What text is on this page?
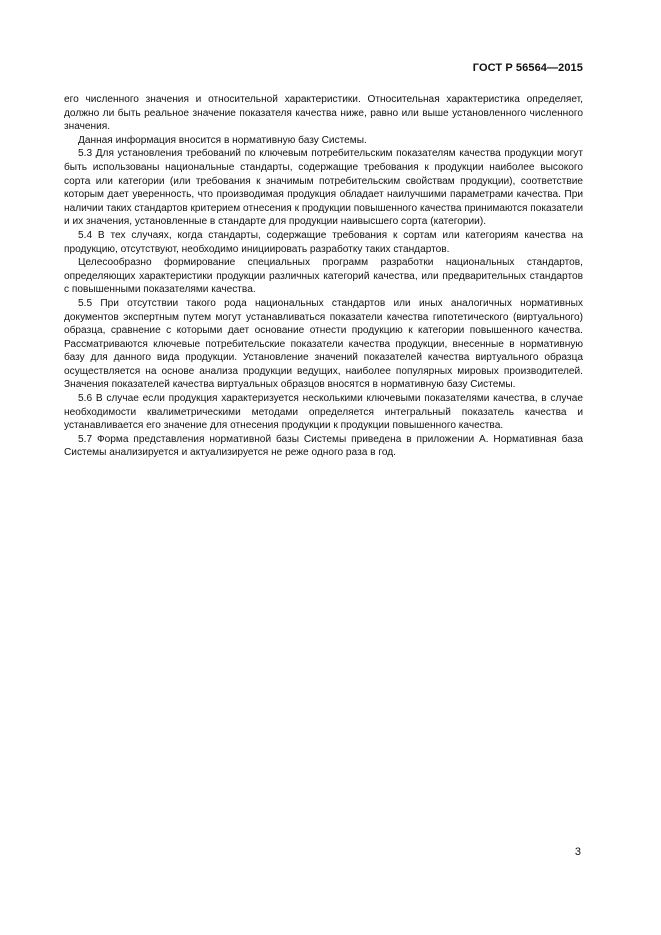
ГОСТ Р 56564—2015

его численного значения и относительной характеристики. Относительная характеристика определяет, должно ли быть реальное значение показателя качества ниже, равно или выше установленного численного значения.

Данная информация вносится в нормативную базу Системы.

5.3 Для установления требований по ключевым потребительским показателям качества продукции могут быть использованы национальные стандарты, содержащие требования к продукции наиболее высокого сорта или категории (или требования к значимым потребительским свойствам продукции), соответствие которым дает уверенность, что производимая продукция обладает наилучшими параметрами качества. При наличии таких стандартов критерием отнесения к продукции повышенного качества принимаются показатели и их значения, установленные в стандарте для продукции наивысшего сорта (категории).

5.4 В тех случаях, когда стандарты, содержащие требования к сортам или категориям качества на продукцию, отсутствуют, необходимо инициировать разработку таких стандартов.

Целесообразно формирование специальных программ разработки национальных стандартов, определяющих характеристики продукции различных категорий качества, или предварительных стандартов с повышенными показателями качества.

5.5 При отсутствии такого рода национальных стандартов или иных аналогичных нормативных документов экспертным путем могут устанавливаться показатели качества гипотетического (виртуального) образца, сравнение с которыми дает основание отнести продукцию к категории повышенного качества. Рассматриваются ключевые потребительские показатели качества продукции, внесенные в нормативную базу для данного вида продукции. Установление значений показателей качества виртуального образца осуществляется на основе анализа продукции ведущих, наиболее популярных мировых производителей. Значения показателей качества виртуальных образцов вносятся в нормативную базу Системы.

5.6 В случае если продукция характеризуется несколькими ключевыми показателями качества, в случае необходимости квалиметрическими методами определяется интегральный показатель качества и устанавливается его значение для отнесения продукции к продукции повышенного качества.

5.7 Форма представления нормативной базы Системы приведена в приложении А. Нормативная база Системы анализируется и актуализируется не реже одного раза в год.

3
